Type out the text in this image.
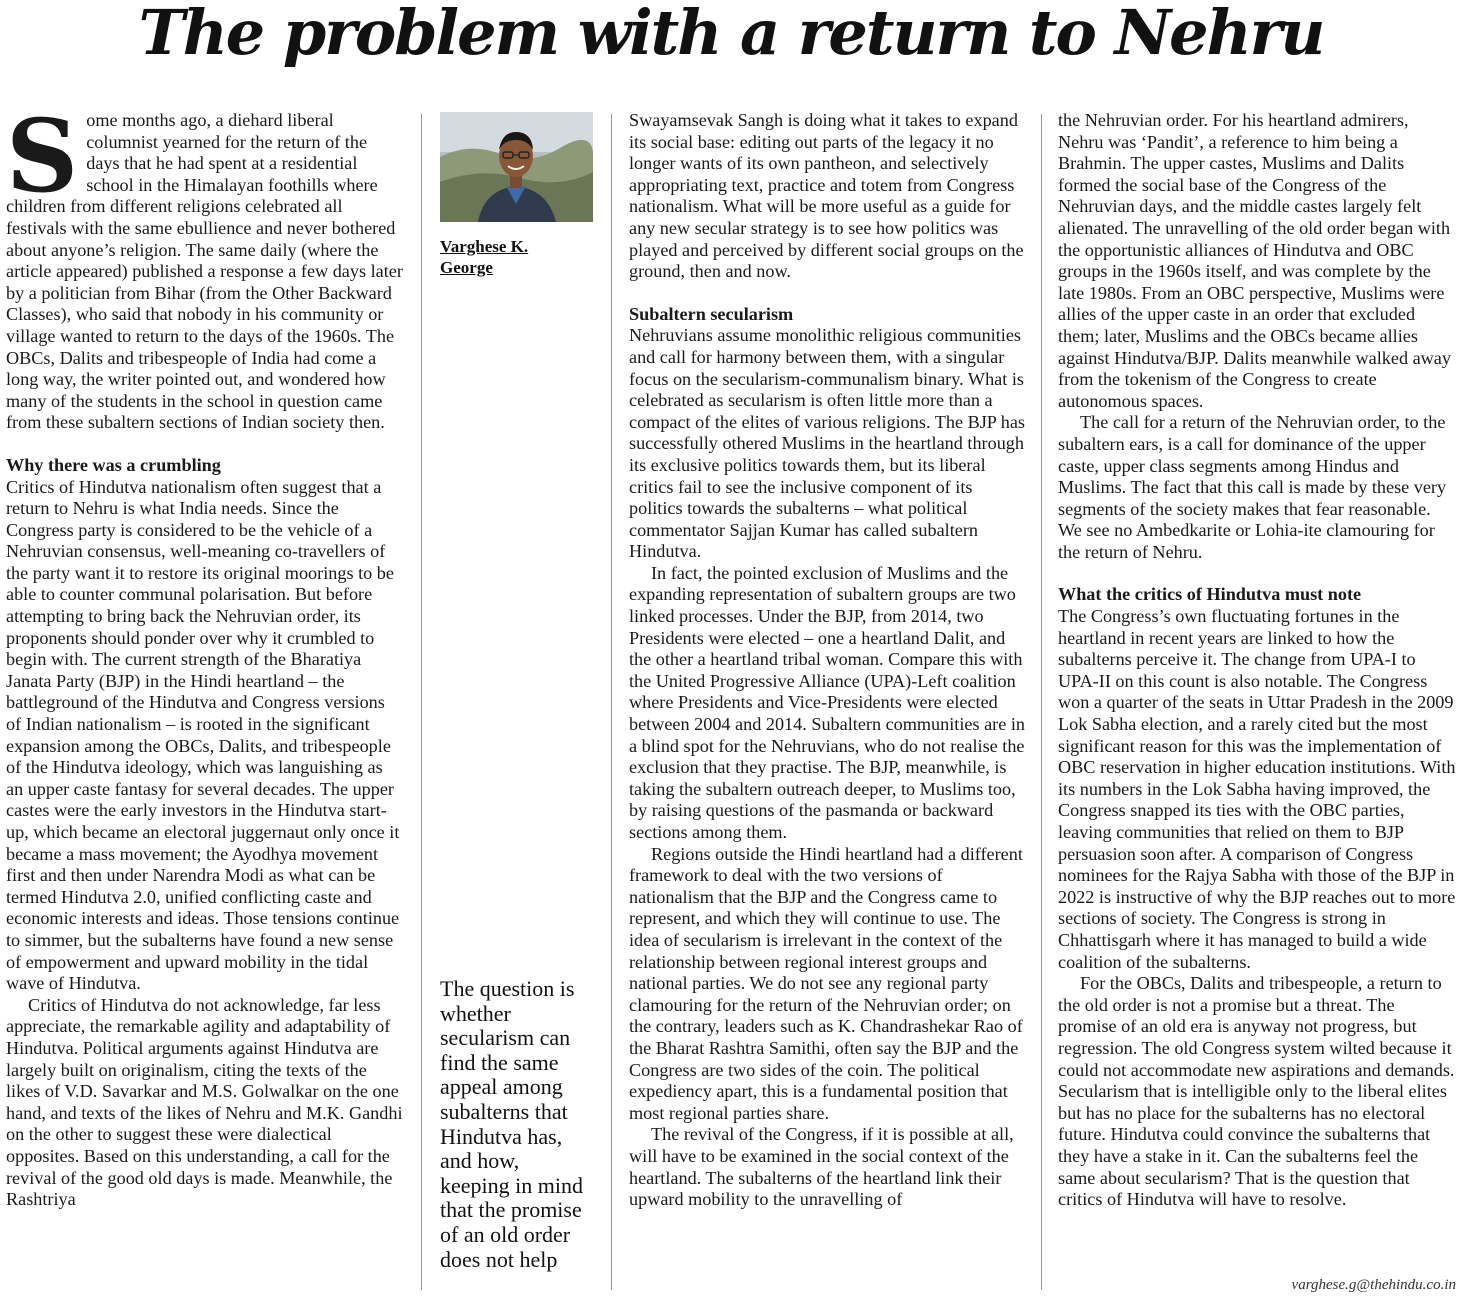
The problem with a return to Nehru

Some months ago, a diehard liberal columnist yearned for the return of the days that he had spent at a residential school in the Himalayan foothills where children from different religions celebrated all festivals with the same ebullience and never bothered about anyone’s religion. The same daily (where the article appeared) published a response a few days later by a politician from Bihar (from the Other Backward Classes), who said that nobody in his community or village wanted to return to the days of the 1960s. The OBCs, Dalits and tribespeople of India had come a long way, the writer pointed out, and wondered how many of the students in the school in question came from these subaltern sections of Indian society then.

Why there was a crumbling

Critics of Hindutva nationalism often suggest that a return to Nehru is what India needs. Since the Congress party is considered to be the vehicle of a Nehruvian consensus, well-meaning co-travellers of the party want it to restore its original moorings to be able to counter communal polarisation. But before attempting to bring back the Nehruvian order, its proponents should ponder over why it crumbled to begin with. The current strength of the Bharatiya Janata Party (BJP) in the Hindi heartland – the battleground of the Hindutva and Congress versions of Indian nationalism – is rooted in the significant expansion among the OBCs, Dalits, and tribespeople of the Hindutva ideology, which was languishing as an upper caste fantasy for several decades. The upper castes were the early investors in the Hindutva start-up, which became an electoral juggernaut only once it became a mass movement; the Ayodhya movement first and then under Narendra Modi as what can be termed Hindutva 2.0, unified conflicting caste and economic interests and ideas. Those tensions continue to simmer, but the subalterns have found a new sense of empowerment and upward mobility in the tidal wave of Hindutva.

Critics of Hindutva do not acknowledge, far less appreciate, the remarkable agility and adaptability of Hindutva. Political arguments against Hindutva are largely built on originalism, citing the texts of the likes of V.D. Savarkar and M.S. Golwalkar on the one hand, and texts of the likes of Nehru and M.K. Gandhi on the other to suggest these were dialectical opposites. Based on this understanding, a call for the revival of the good old days is made. Meanwhile, the Rashtriya

Varghese K.
George
The question is whether secularism can find the same appeal among subalterns that Hindutva has, and how, keeping in mind that the promise of an old order does not help

Swayamsevak Sangh is doing what it takes to expand its social base: editing out parts of the legacy it no longer wants of its own pantheon, and selectively appropriating text, practice and totem from Congress nationalism. What will be more useful as a guide for any new secular strategy is to see how politics was played and perceived by different social groups on the ground, then and now.

Subaltern secularism

Nehruvians assume monolithic religious communities and call for harmony between them, with a singular focus on the secularism-communalism binary. What is celebrated as secularism is often little more than a compact of the elites of various religions. The BJP has successfully othered Muslims in the heartland through its exclusive politics towards them, but its liberal critics fail to see the inclusive component of its politics towards the subalterns – what political commentator Sajjan Kumar has called subaltern Hindutva.

In fact, the pointed exclusion of Muslims and the expanding representation of subaltern groups are two linked processes. Under the BJP, from 2014, two Presidents were elected – one a heartland Dalit, and the other a heartland tribal woman. Compare this with the United Progressive Alliance (UPA)-Left coalition where Presidents and Vice-Presidents were elected between 2004 and 2014. Subaltern communities are in a blind spot for the Nehruvians, who do not realise the exclusion that they practise. The BJP, meanwhile, is taking the subaltern outreach deeper, to Muslims too, by raising questions of the pasmanda or backward sections among them.

Regions outside the Hindi heartland had a different framework to deal with the two versions of nationalism that the BJP and the Congress came to represent, and which they will continue to use. The idea of secularism is irrelevant in the context of the relationship between regional interest groups and national parties. We do not see any regional party clamouring for the return of the Nehruvian order; on the contrary, leaders such as K. Chandrashekar Rao of the Bharat Rashtra Samithi, often say the BJP and the Congress are two sides of the coin. The political expediency apart, this is a fundamental position that most regional parties share.

The revival of the Congress, if it is possible at all, will have to be examined in the social context of the heartland. The subalterns of the heartland link their upward mobility to the unravelling of

the Nehruvian order. For his heartland admirers, Nehru was ‘Pandit’, a reference to him being a Brahmin. The upper castes, Muslims and Dalits formed the social base of the Congress of the Nehruvian days, and the middle castes largely felt alienated. The unravelling of the old order began with the opportunistic alliances of Hindutva and OBC groups in the 1960s itself, and was complete by the late 1980s. From an OBC perspective, Muslims were allies of the upper caste in an order that excluded them; later, Muslims and the OBCs became allies against Hindutva/BJP. Dalits meanwhile walked away from the tokenism of the Congress to create autonomous spaces.

The call for a return of the Nehruvian order, to the subaltern ears, is a call for dominance of the upper caste, upper class segments among Hindus and Muslims. The fact that this call is made by these very segments of the society makes that fear reasonable. We see no Ambedkarite or Lohia-ite clamouring for the return of Nehru.

What the critics of Hindutva must note

The Congress’s own fluctuating fortunes in the heartland in recent years are linked to how the subalterns perceive it. The change from UPA-I to UPA-II on this count is also notable. The Congress won a quarter of the seats in Uttar Pradesh in the 2009 Lok Sabha election, and a rarely cited but the most significant reason for this was the implementation of OBC reservation in higher education institutions. With its numbers in the Lok Sabha having improved, the Congress snapped its ties with the OBC parties, leaving communities that relied on them to BJP persuasion soon after. A comparison of Congress nominees for the Rajya Sabha with those of the BJP in 2022 is instructive of why the BJP reaches out to more sections of society. The Congress is strong in Chhattisgarh where it has managed to build a wide coalition of the subalterns.

For the OBCs, Dalits and tribespeople, a return to the old order is not a promise but a threat. The promise of an old era is anyway not progress, but regression. The old Congress system wilted because it could not accommodate new aspirations and demands. Secularism that is intelligible only to the liberal elites but has no place for the subalterns has no electoral future. Hindutva could convince the subalterns that they have a stake in it. Can the subalterns feel the same about secularism? That is the question that critics of Hindutva will have to resolve.

varghese.g@thehindu.co.in
